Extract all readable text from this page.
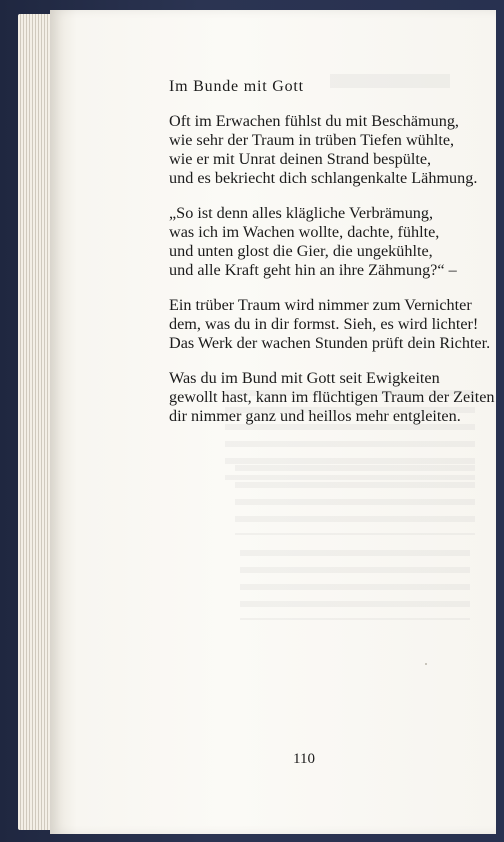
Im Bunde mit Gott
Oft im Erwachen fühlst du mit Beschämung,
wie sehr der Traum in trüben Tiefen wühlte,
wie er mit Unrat deinen Strand bespülte,
und es bekriecht dich schlangenkalte Lähmung.
„So ist denn alles klägliche Verbrämung,
was ich im Wachen wollte, dachte, fühlte,
und unten glost die Gier, die ungekühlte,
und alle Kraft geht hin an ihre Zähmung?“ –
Ein trüber Traum wird nimmer zum Vernichter
dem, was du in dir formst. Sieh, es wird lichter!
Das Werk der wachen Stunden prüft dein Richter.
Was du im Bund mit Gott seit Ewigkeiten
gewollt hast, kann im flüchtigen Traum der Zeiten
dir nimmer ganz und heillos mehr entgleiten.
110
